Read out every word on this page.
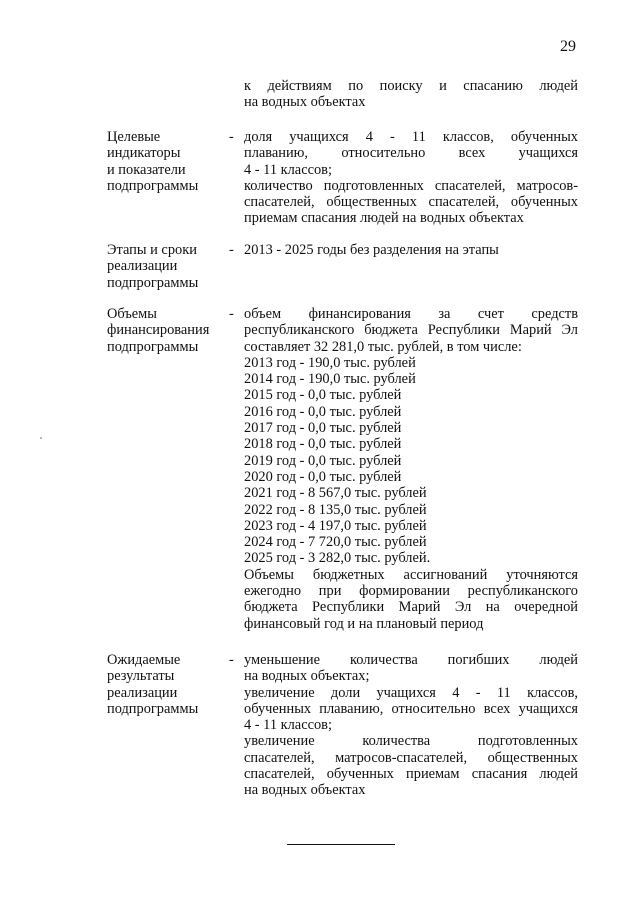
29
к действиям по поиску и спасанию людей
на водных объектах
Целевые
индикаторы
и показатели
подпрограммы
- доля учащихся 4 - 11 классов, обученных
плаванию, относительно всех учащихся
4 - 11 классов;
количество подготовленных спасателей, матросов-
спасателей, общественных спасателей, обученных
приемам спасания людей на водных объектах
Этапы и сроки
реализации
подпрограммы
- 2013 - 2025 годы без разделения на этапы
Объемы
финансирования
подпрограммы
- объем финансирования за счет средств
республиканского бюджета Республики Марий Эл
составляет 32 281,0 тыс. рублей, в том числе:
2013 год - 190,0 тыс. рублей
2014 год - 190,0 тыс. рублей
2015 год - 0,0 тыс. рублей
2016 год - 0,0 тыс. рублей
2017 год - 0,0 тыс. рублей
2018 год - 0,0 тыс. рублей
2019 год - 0,0 тыс. рублей
2020 год - 0,0 тыс. рублей
2021 год - 8 567,0 тыс. рублей
2022 год - 8 135,0 тыс. рублей
2023 год - 4 197,0 тыс. рублей
2024 год - 7 720,0 тыс. рублей
2025 год - 3 282,0 тыс. рублей.
Объемы бюджетных ассигнований уточняются
ежегодно при формировании республиканского
бюджета Республики Марий Эл на очередной
финансовый год и на плановый период
Ожидаемые
результаты
реализации
подпрограммы
- уменьшение количества погибших людей
на водных объектах;
увеличение доли учащихся 4 - 11 классов,
обученных плаванию, относительно всех учащихся
4 - 11 классов;
увеличение количества подготовленных
спасателей, матросов-спасателей, общественных
спасателей, обученных приемам спасания людей
на водных объектах
